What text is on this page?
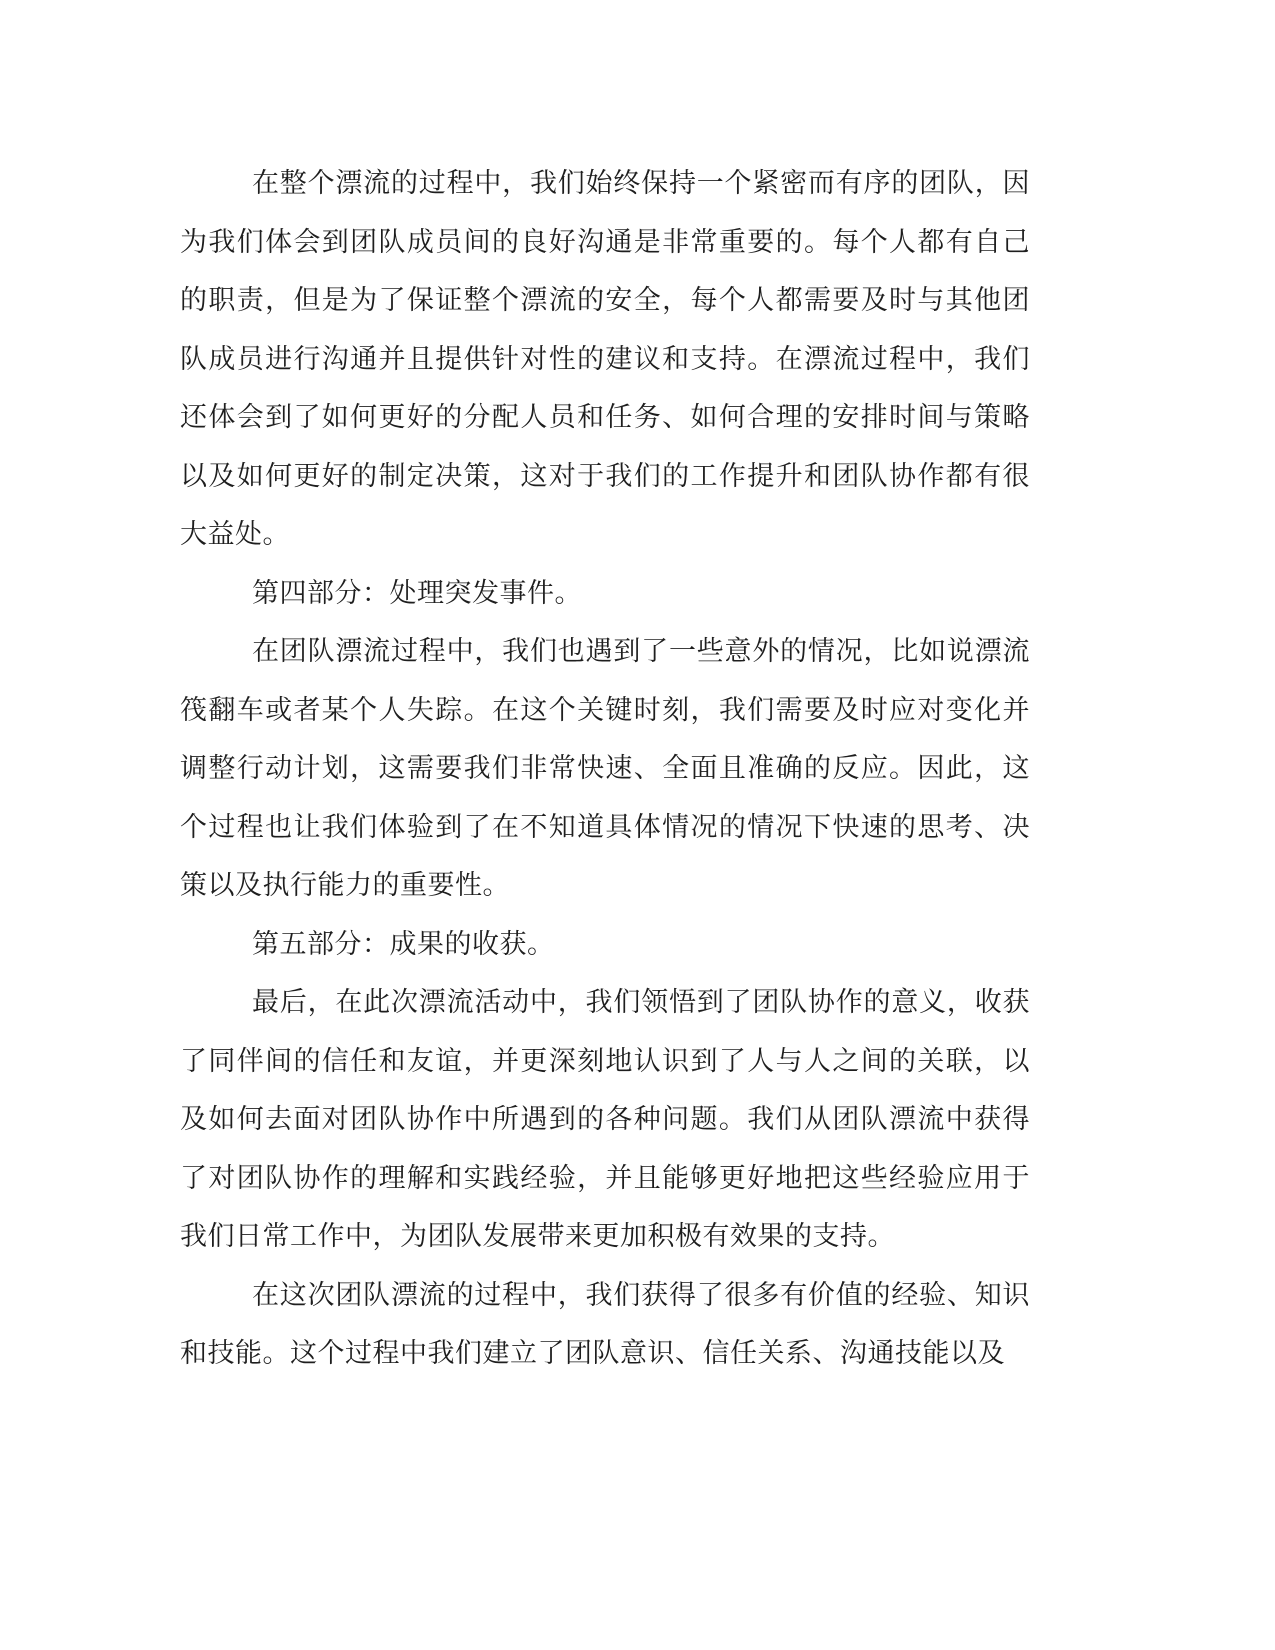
在整个漂流的过程中，我们始终保持一个紧密而有序的团队，因为我们体会到团队成员间的良好沟通是非常重要的。每个人都有自己的职责，但是为了保证整个漂流的安全，每个人都需要及时与其他团队成员进行沟通并且提供针对性的建议和支持。在漂流过程中，我们还体会到了如何更好的分配人员和任务、如何合理的安排时间与策略以及如何更好的制定决策，这对于我们的工作提升和团队协作都有很大益处。

第四部分：处理突发事件。

在团队漂流过程中，我们也遇到了一些意外的情况，比如说漂流筏翻车或者某个人失踪。在这个关键时刻，我们需要及时应对变化并调整行动计划，这需要我们非常快速、全面且准确的反应。因此，这个过程也让我们体验到了在不知道具体情况的情况下快速的思考、决策以及执行能力的重要性。

第五部分：成果的收获。

最后，在此次漂流活动中，我们领悟到了团队协作的意义，收获了同伴间的信任和友谊，并更深刻地认识到了人与人之间的关联，以及如何去面对团队协作中所遇到的各种问题。我们从团队漂流中获得了对团队协作的理解和实践经验，并且能够更好地把这些经验应用于我们日常工作中，为团队发展带来更加积极有效果的支持。

在这次团队漂流的过程中，我们获得了很多有价值的经验、知识和技能。这个过程中我们建立了团队意识、信任关系、沟通技能以及
